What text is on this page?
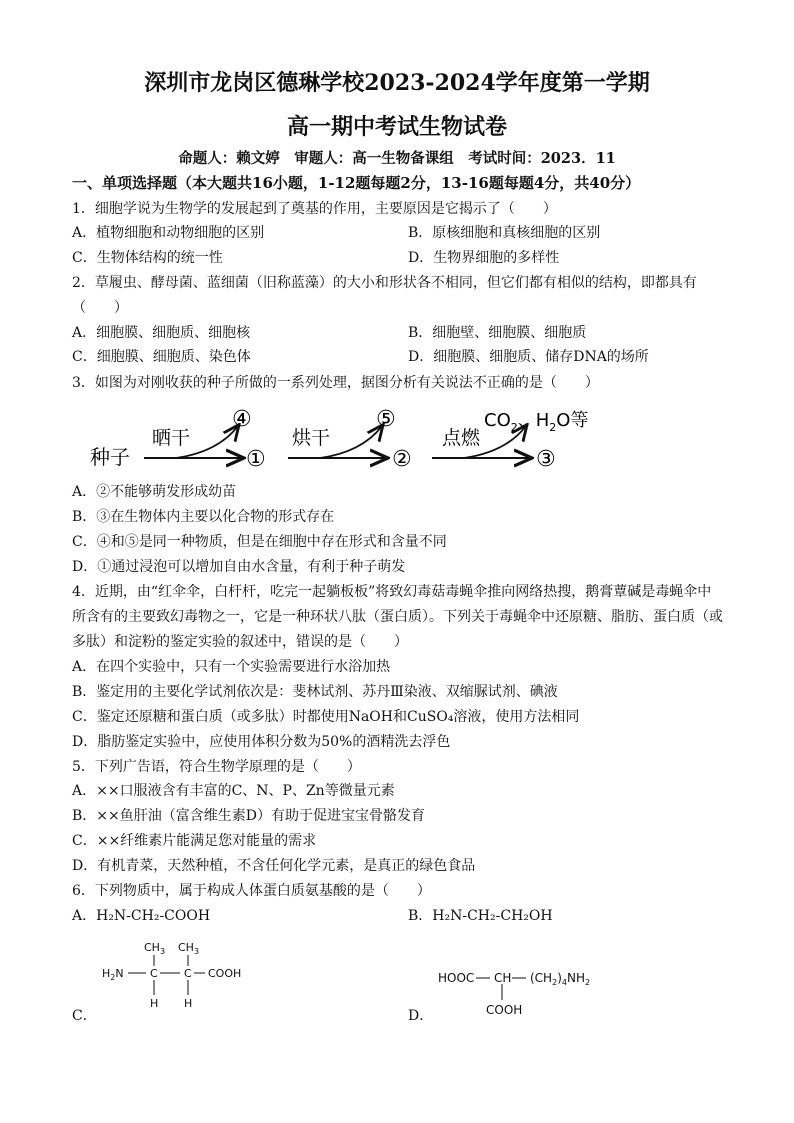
深圳市龙岗区德琳学校2023-2024学年度第一学期
高一期中考试生物试卷
命题人：赖文婷　审题人：高一生物备课组　考试时间：2023．11
一、单项选择题（本大题共16小题，1-12题每题2分，13-16题每题4分，共40分）
1．细胞学说为生物学的发展起到了奠基的作用，主要原因是它揭示了（　　）
A．植物细胞和动物细胞的区别	B．原核细胞和真核细胞的区别
C．生物体结构的统一性	D．生物界细胞的多样性
2．草履虫、酵母菌、蓝细菌（旧称蓝藻）的大小和形状各不相同，但它们都有相似的结构，即都具有
（　　）
A．细胞膜、细胞质、细胞核	B．细胞壁、细胞膜、细胞质
C．细胞膜、细胞质、染色体	D．细胞膜、细胞质、储存DNA的场所
3．如图为对刚收获的种子所做的一系列处理，据图分析有关说法不正确的是（　　）
种子
晒干
④
①
烘干
⑤
②
点燃
③
$CO_2$、$H_2O$等
A．②不能够萌发形成幼苗
B．③在生物体内主要以化合物的形式存在
C．④和⑤是同一种物质，但是在细胞中存在形式和含量不同
D．①通过浸泡可以增加自由水含量，有利于种子萌发
4．近期，由“红伞伞，白杆杆，吃完一起躺板板”将致幻毒菇毒蝇伞推向网络热搜，鹅膏蕈碱是毒蝇伞中
所含有的主要致幻毒物之一，它是一种环状八肽（蛋白质）。下列关于毒蝇伞中还原糖、脂肪、蛋白质（或
多肽）和淀粉的鉴定实验的叙述中，错误的是（　　）
A．在四个实验中，只有一个实验需要进行水浴加热
B．鉴定用的主要化学试剂依次是：斐林试剂、苏丹Ⅲ染液、双缩脲试剂、碘液
C．鉴定还原糖和蛋白质（或多肽）时都使用NaOH和CuSO₄溶液，使用方法相同
D．脂肪鉴定实验中，应使用体积分数为50%的酒精洗去浮色
5．下列广告语，符合生物学原理的是（　　）
A．××口服液含有丰富的C、N、P、Zn等微量元素
B．××鱼肝油（富含维生素D）有助于促进宝宝骨骼发育
C．××纤维素片能满足您对能量的需求
D．有机青菜，天然种植，不含任何化学元素，是真正的绿色食品
6．下列物质中，属于构成人体蛋白质氨基酸的是（　　）
A．H₂N-CH₂-COOH	B．H₂N-CH₂-CH₂OH
C．
$CH_3$ $CH_3$
$H_2N$ C C COOH
H H
D．
HOOC CH $(CH_2)_4NH_2$
COOH
